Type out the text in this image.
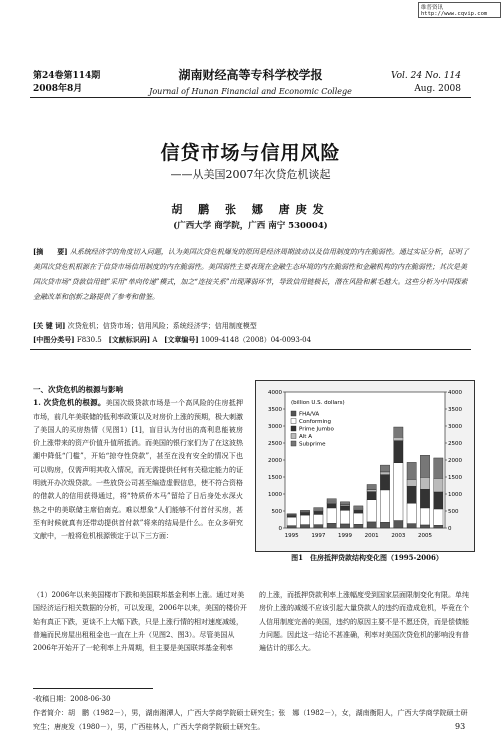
维普资讯 http://www.cqvip.com
第24卷第114期
2008年8月
湖南财经高等专科学校学报
Journal of Hunan Financial and Economic College
Vol. 24 No. 114
Aug. 2008
信贷市场与信用风险
——从美国2007年次贷危机谈起
胡 鹏 张 娜 唐庚发
(广西大学 商学院，广西 南宁 530004)
[摘　　要] 从系统经济学的角度切入问题，认为美国次贷危机爆发的原因是经济周期波动以及信用制度的内在脆弱性。通过实证分析，证明了美国次贷危机根源在于信贷市场信用制度的内在脆弱性。美国弱性主要表现在金融生态环境的内在脆弱性和金融机构的内在脆弱性；其次是美国次贷市场“贷款信用链”采用“单向传递”模式，加之“连接关系”出现薄弱环节，导致信用链极长，潜在风险和累毛越大。这些分析为中国探索金融改革和创新之路提供了参考和借鉴。
[关 键 词] 次贷危机；信贷市场；信用风险；系统经济学；信用制度模型
[中图分类号] F830.5 [文献标识码] A [文章编号] 1009-4148（2008）04-0093-04
一、次贷危机的根源与影响
1. 次贷危机的根源。美国次级贷款市场是一个高风险的住房抵押市场，前几年美联储的低利率政策以及对房价上涨的预期，极大刺激了美国人的买房热情（见图1）[1]，盲目认为付出的高利息能被房价上涨带来的资产价值升值所抵消。而美国的银行家们为了在这波热潮中降低“门槛”，开始“掠夺性贷款”，甚至在没有安全的情况下也可以购房，仅需声明其收入情况，而无需提供任何有关稳定能力的证明就开办次级贷款。一些放贷公司甚至编造虚假信息，使不符合资格的借款人的信用获得通过，将“特质侨木马”留给了日后身处水深火热之中的美联储主席伯南克。难以想象“人们能够不付首付买房，甚至有时候就真有还带动提供首付款”将来的结局是什么。在众多研究文献中，一般将危机根源锁定于以下三方面：
0	0
500	500
1000	1000
1500	1500
2000	2000
2500	2500
3000	3000
3500	3500
4000	4000
1995 1997 1999 2001 2003 2005
(billion U.S. dollars)
FHA/VA
Conforming
Prime Jumbo
Alt A
Subprime
图1　住房抵押贷款结构变化图（1995-2006）
（1）2006年以来美国楼市下跌和美国联邦基金利率上涨。通过对美国经济运行相关数据的分析，可以发现，2006年以来，美国的楼价开始有真正下跌，更谈不上大幅下跌，只是上涨行情的相对速度减缓，普遍而民房屋出租租金也一直在上升（见图2、图3）。尽管美国从2006年开始开了一轮利率上升周期，但主要是美国联邦基金利率
的上涨，而抵押贷款利率上涨幅度受到国家层面限制变化有限。单纯房价上涨的减缓不应该引起大量贷款人的违约而造成危机，毕竟在个人信用制度完善的美国，违约的原因主要不是不愿还贷，而是偿债能力问题。因此这一结论不甚准确，利率对美国次贷危机的影响没有普遍估计的那么大。
·收稿日期：2008-06-30
作者简介：胡　鹏（1982－），男，湖南湘潭人，广西大学商学院硕士研究生；张　娜（1982－），女，湖南衡阳人，广西大学商学院硕士研究生；唐庚发（1980－），男，广西桂林人，广西大学商学院硕士研究生。	93
